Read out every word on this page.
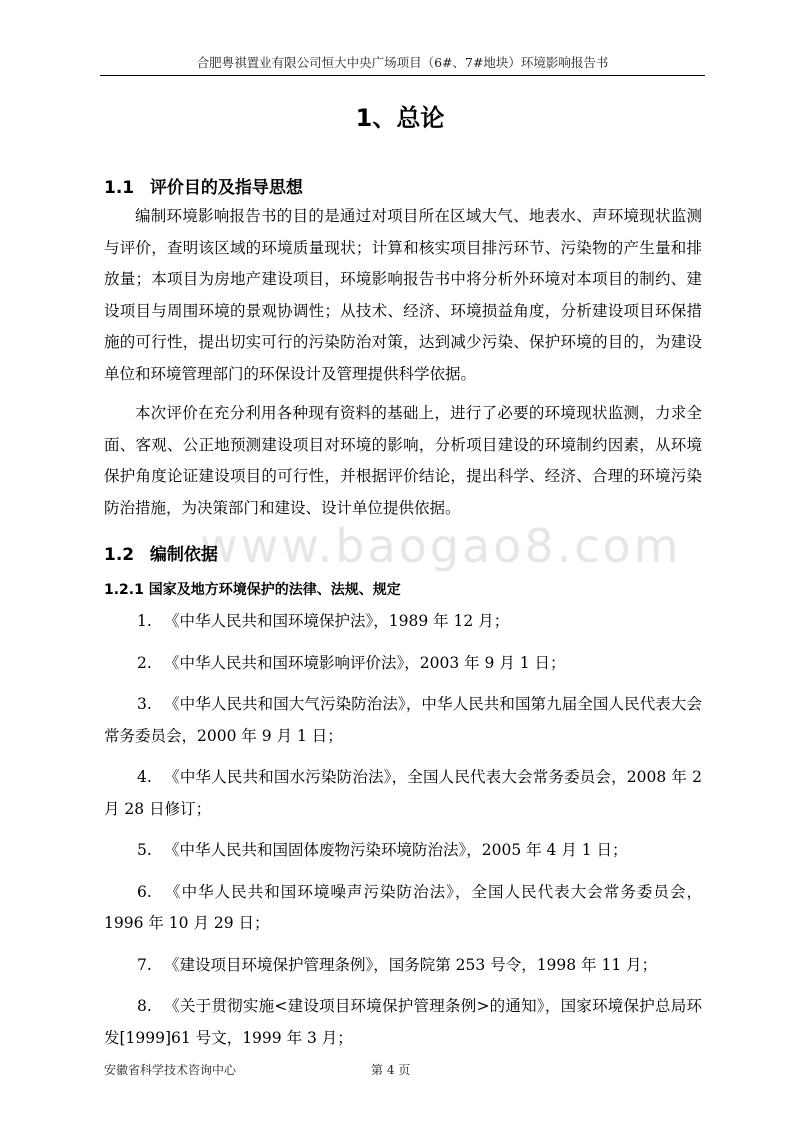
合肥粤祺置业有限公司恒大中央广场项目（6#、7#地块）环境影响报告书
1、总论
1.1 评价目的及指导思想

编制环境影响报告书的目的是通过对项目所在区域大气、地表水、声环境现状监测与评价，查明该区域的环境质量现状；计算和核实项目排污环节、污染物的产生量和排放量；本项目为房地产建设项目，环境影响报告书中将分析外环境对本项目的制约、建设项目与周围环境的景观协调性；从技术、经济、环境损益角度，分析建设项目环保措施的可行性，提出切实可行的污染防治对策，达到减少污染、保护环境的目的，为建设单位和环境管理部门的环保设计及管理提供科学依据。

本次评价在充分利用各种现有资料的基础上，进行了必要的环境现状监测，力求全面、客观、公正地预测建设项目对环境的影响，分析项目建设的环境制约因素，从环境保护角度论证建设项目的可行性，并根据评价结论，提出科学、经济、合理的环境污染防治措施，为决策部门和建设、设计单位提供依据。

www.baogao8.com
1.2 编制依据
1.2.1 国家及地方环境保护的法律、法规、规定
1. 《中华人民共和国环境保护法》，1989 年 12 月；
2. 《中华人民共和国环境影响评价法》，2003 年 9 月 1 日；
3. 《中华人民共和国大气污染防治法》，中华人民共和国第九届全国人民代表大会常务委员会，2000 年 9 月 1 日；
4. 《中华人民共和国水污染防治法》，全国人民代表大会常务委员会，2008 年 2 月 28 日修订；
5. 《中华人民共和国固体废物污染环境防治法》，2005 年 4 月 1 日；
6. 《中华人民共和国环境噪声污染防治法》，全国人民代表大会常务委员会，1996 年 10 月 29 日；
7. 《建设项目环境保护管理条例》，国务院第 253 号令，1998 年 11 月；
8. 《关于贯彻实施<建设项目环境保护管理条例>的通知》，国家环境保护总局环发[1999]61 号文，1999 年 3 月；
安徽省科学技术咨询中心	第 4 页
